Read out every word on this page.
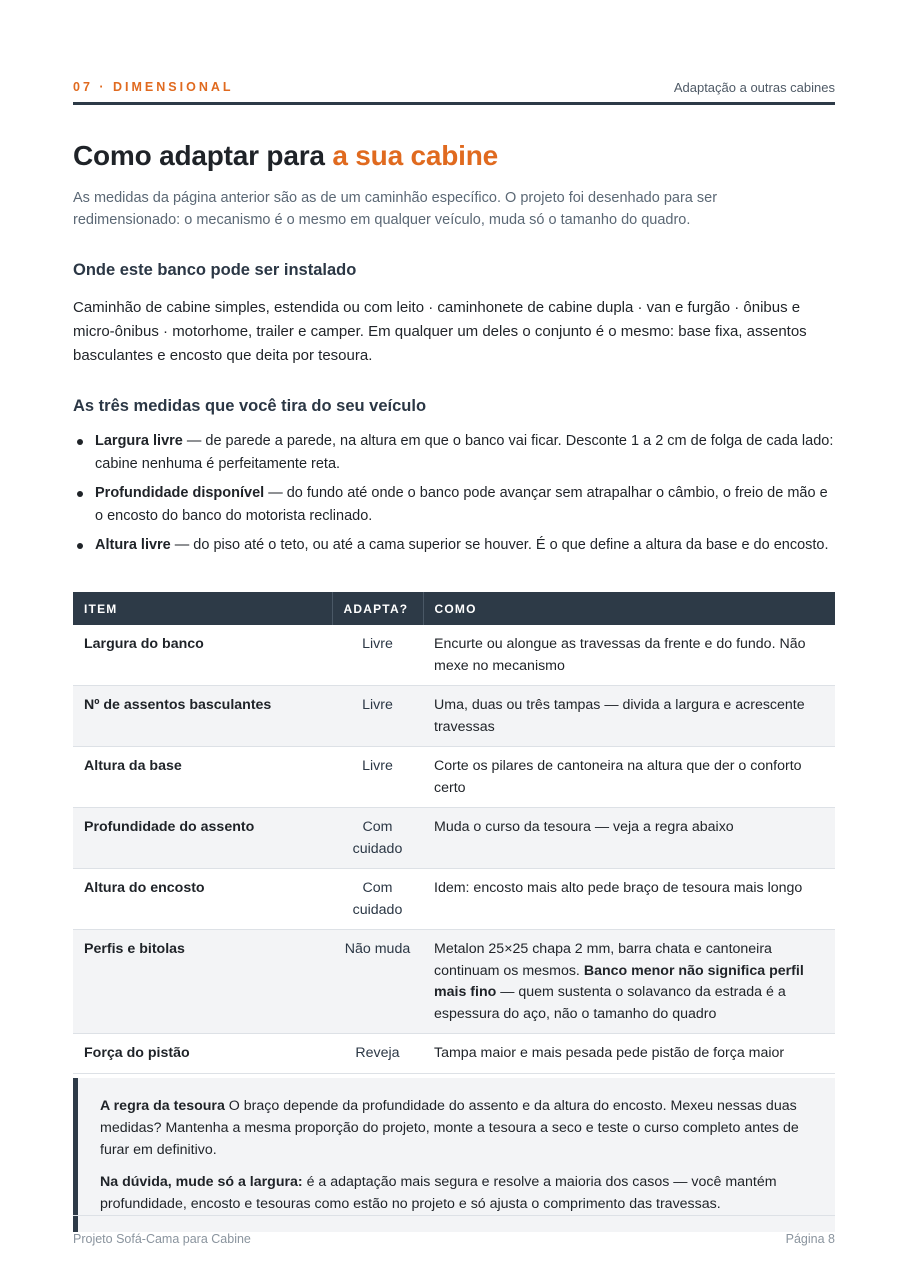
07 · DIMENSIONAL	Adaptação a outras cabines
Como adaptar para a sua cabine

As medidas da página anterior são as de um caminhão específico. O projeto foi desenhado para ser redimensionado: o mecanismo é o mesmo em qualquer veículo, muda só o tamanho do quadro.

Onde este banco pode ser instalado

Caminhão de cabine simples, estendida ou com leito · caminhonete de cabine dupla · van e furgão · ônibus e micro-ônibus · motorhome, trailer e camper. Em qualquer um deles o conjunto é o mesmo: base fixa, assentos basculantes e encosto que deita por tesoura.

As três medidas que você tira do seu veículo
Largura livre — de parede a parede, na altura em que o banco vai ficar. Desconte 1 a 2 cm de folga de cada lado: cabine nenhuma é perfeitamente reta.
Profundidade disponível — do fundo até onde o banco pode avançar sem atrapalhar o câmbio, o freio de mão e o encosto do banco do motorista reclinado.
Altura livre — do piso até o teto, ou até a cama superior se houver. É o que define a altura da base e do encosto.
ITEM	ADAPTA?	COMO
Largura do banco	Livre	Encurte ou alongue as travessas da frente e do fundo. Não mexe no mecanismo
Nº de assentos basculantes	Livre	Uma, duas ou três tampas — divida a largura e acrescente travessas
Altura da base	Livre	Corte os pilares de cantoneira na altura que der o conforto certo
Profundidade do assento	Com cuidado	Muda o curso da tesoura — veja a regra abaixo
Altura do encosto	Com cuidado	Idem: encosto mais alto pede braço de tesoura mais longo
Perfis e bitolas	Não muda	Metalon 25×25 chapa 2 mm, barra chata e cantoneira continuam os mesmos. Banco menor não significa perfil mais fino — quem sustenta o solavanco da estrada é a espessura do aço, não o tamanho do quadro
Força do pistão	Reveja	Tampa maior e mais pesada pede pistão de força maior

A regra da tesoura O braço depende da profundidade do assento e da altura do encosto. Mexeu nessas duas medidas? Mantenha a mesma proporção do projeto, monte a tesoura a seco e teste o curso completo antes de furar em definitivo.

Na dúvida, mude só a largura: é a adaptação mais segura e resolve a maioria dos casos — você mantém profundidade, encosto e tesouras como estão no projeto e só ajusta o comprimento das travessas.

Projeto Sofá-Cama para Cabine	Página 8
